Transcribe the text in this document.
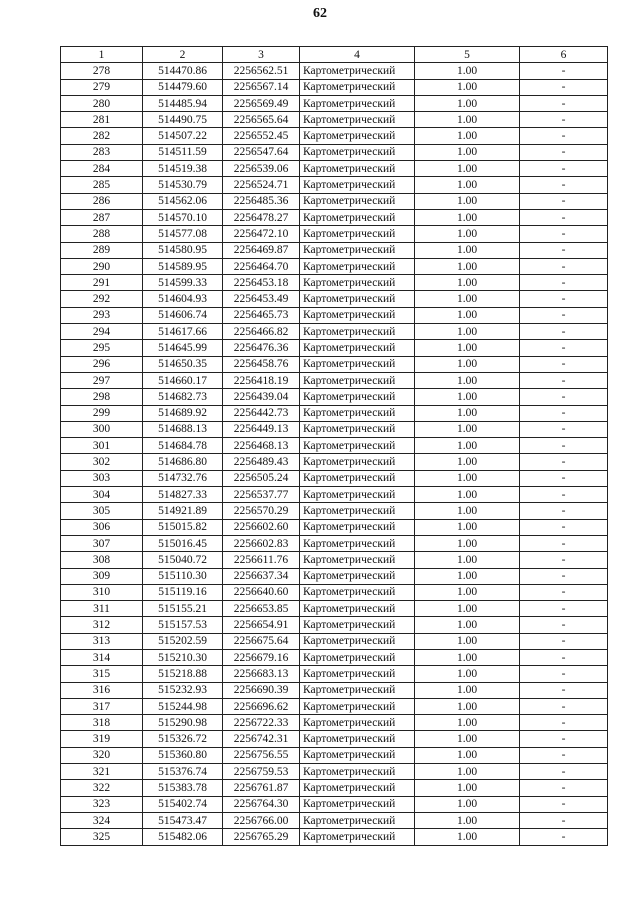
62
1	2	3	4	5	6
278	514470.86	2256562.51	Картометрический	1.00	-
279	514479.60	2256567.14	Картометрический	1.00	-
280	514485.94	2256569.49	Картометрический	1.00	-
281	514490.75	2256565.64	Картометрический	1.00	-
282	514507.22	2256552.45	Картометрический	1.00	-
283	514511.59	2256547.64	Картометрический	1.00	-
284	514519.38	2256539.06	Картометрический	1.00	-
285	514530.79	2256524.71	Картометрический	1.00	-
286	514562.06	2256485.36	Картометрический	1.00	-
287	514570.10	2256478.27	Картометрический	1.00	-
288	514577.08	2256472.10	Картометрический	1.00	-
289	514580.95	2256469.87	Картометрический	1.00	-
290	514589.95	2256464.70	Картометрический	1.00	-
291	514599.33	2256453.18	Картометрический	1.00	-
292	514604.93	2256453.49	Картометрический	1.00	-
293	514606.74	2256465.73	Картометрический	1.00	-
294	514617.66	2256466.82	Картометрический	1.00	-
295	514645.99	2256476.36	Картометрический	1.00	-
296	514650.35	2256458.76	Картометрический	1.00	-
297	514660.17	2256418.19	Картометрический	1.00	-
298	514682.73	2256439.04	Картометрический	1.00	-
299	514689.92	2256442.73	Картометрический	1.00	-
300	514688.13	2256449.13	Картометрический	1.00	-
301	514684.78	2256468.13	Картометрический	1.00	-
302	514686.80	2256489.43	Картометрический	1.00	-
303	514732.76	2256505.24	Картометрический	1.00	-
304	514827.33	2256537.77	Картометрический	1.00	-
305	514921.89	2256570.29	Картометрический	1.00	-
306	515015.82	2256602.60	Картометрический	1.00	-
307	515016.45	2256602.83	Картометрический	1.00	-
308	515040.72	2256611.76	Картометрический	1.00	-
309	515110.30	2256637.34	Картометрический	1.00	-
310	515119.16	2256640.60	Картометрический	1.00	-
311	515155.21	2256653.85	Картометрический	1.00	-
312	515157.53	2256654.91	Картометрический	1.00	-
313	515202.59	2256675.64	Картометрический	1.00	-
314	515210.30	2256679.16	Картометрический	1.00	-
315	515218.88	2256683.13	Картометрический	1.00	-
316	515232.93	2256690.39	Картометрический	1.00	-
317	515244.98	2256696.62	Картометрический	1.00	-
318	515290.98	2256722.33	Картометрический	1.00	-
319	515326.72	2256742.31	Картометрический	1.00	-
320	515360.80	2256756.55	Картометрический	1.00	-
321	515376.74	2256759.53	Картометрический	1.00	-
322	515383.78	2256761.87	Картометрический	1.00	-
323	515402.74	2256764.30	Картометрический	1.00	-
324	515473.47	2256766.00	Картометрический	1.00	-
325	515482.06	2256765.29	Картометрический	1.00	-
